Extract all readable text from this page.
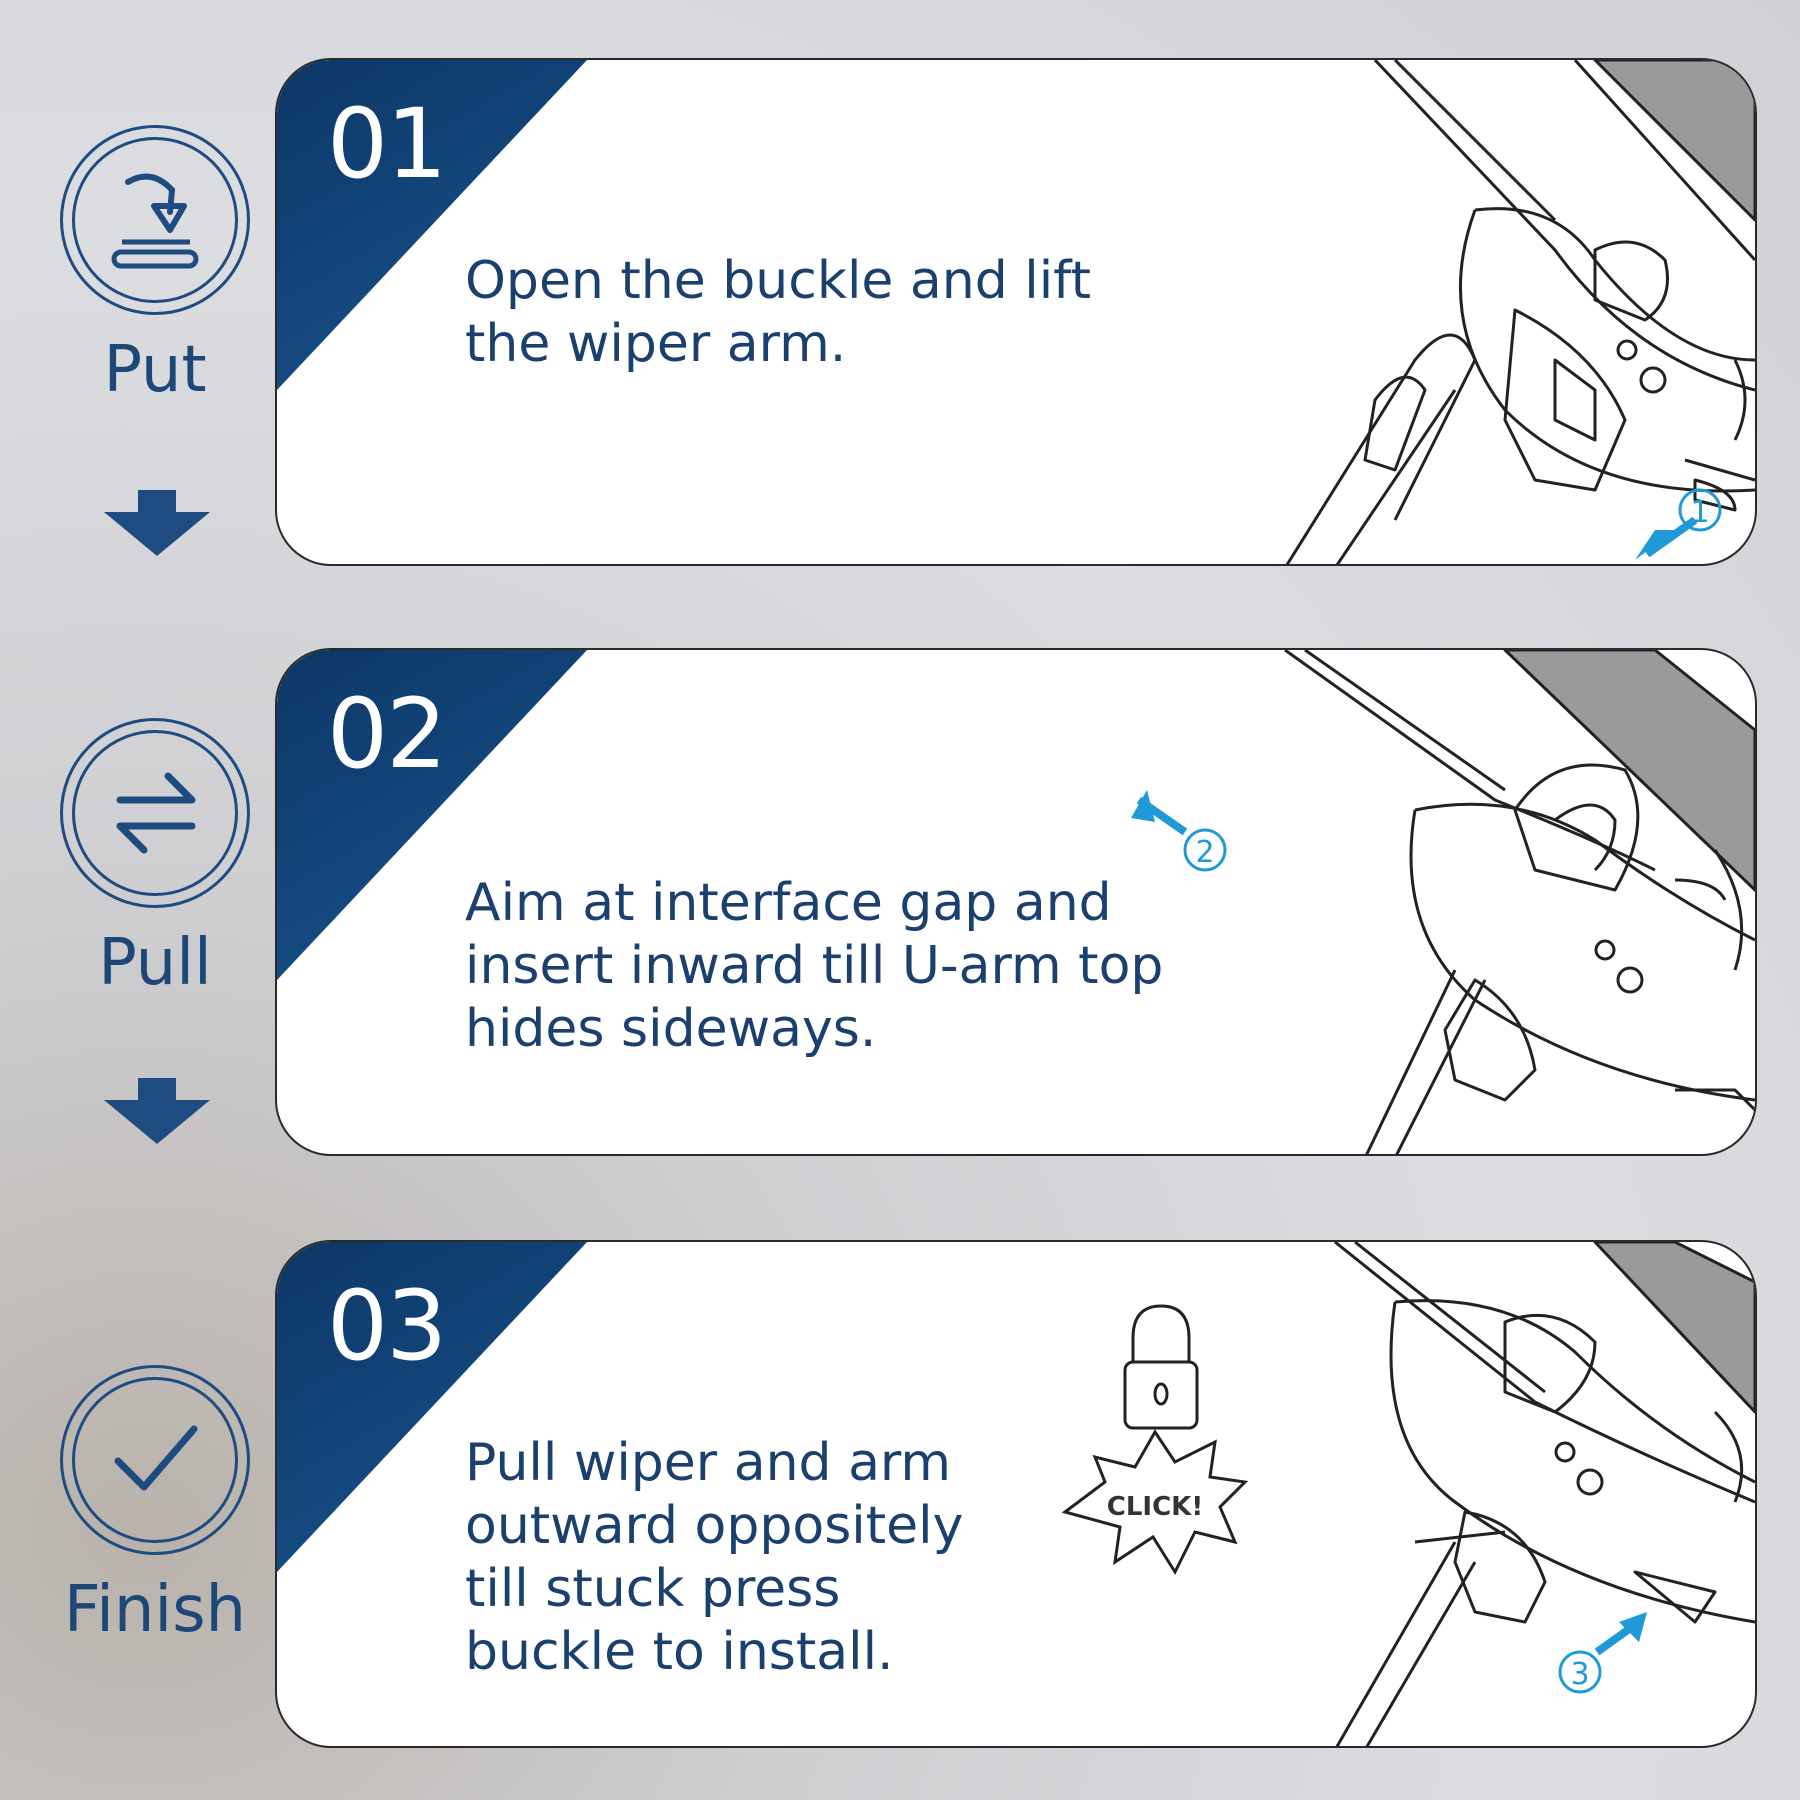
Put
Pull
Finish
01
Open the buckle and lift
the wiper arm.
1
02
Aim at interface gap and
insert inward till U-arm top
hides sideways.
2
03
Pull wiper and arm
outward oppositely
till stuck press
buckle to install.
CLICK!
3
